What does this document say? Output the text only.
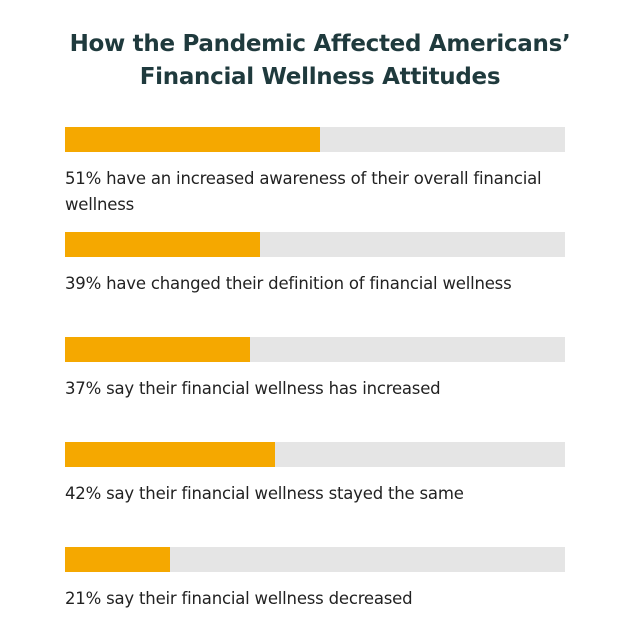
How the Pandemic Affected Americans’
Financial Wellness Attitudes
51% have an increased awareness of their overall financial wellness
39% have changed their definition of financial wellness
37% say their financial wellness has increased
42% say their financial wellness stayed the same
21% say their financial wellness decreased
